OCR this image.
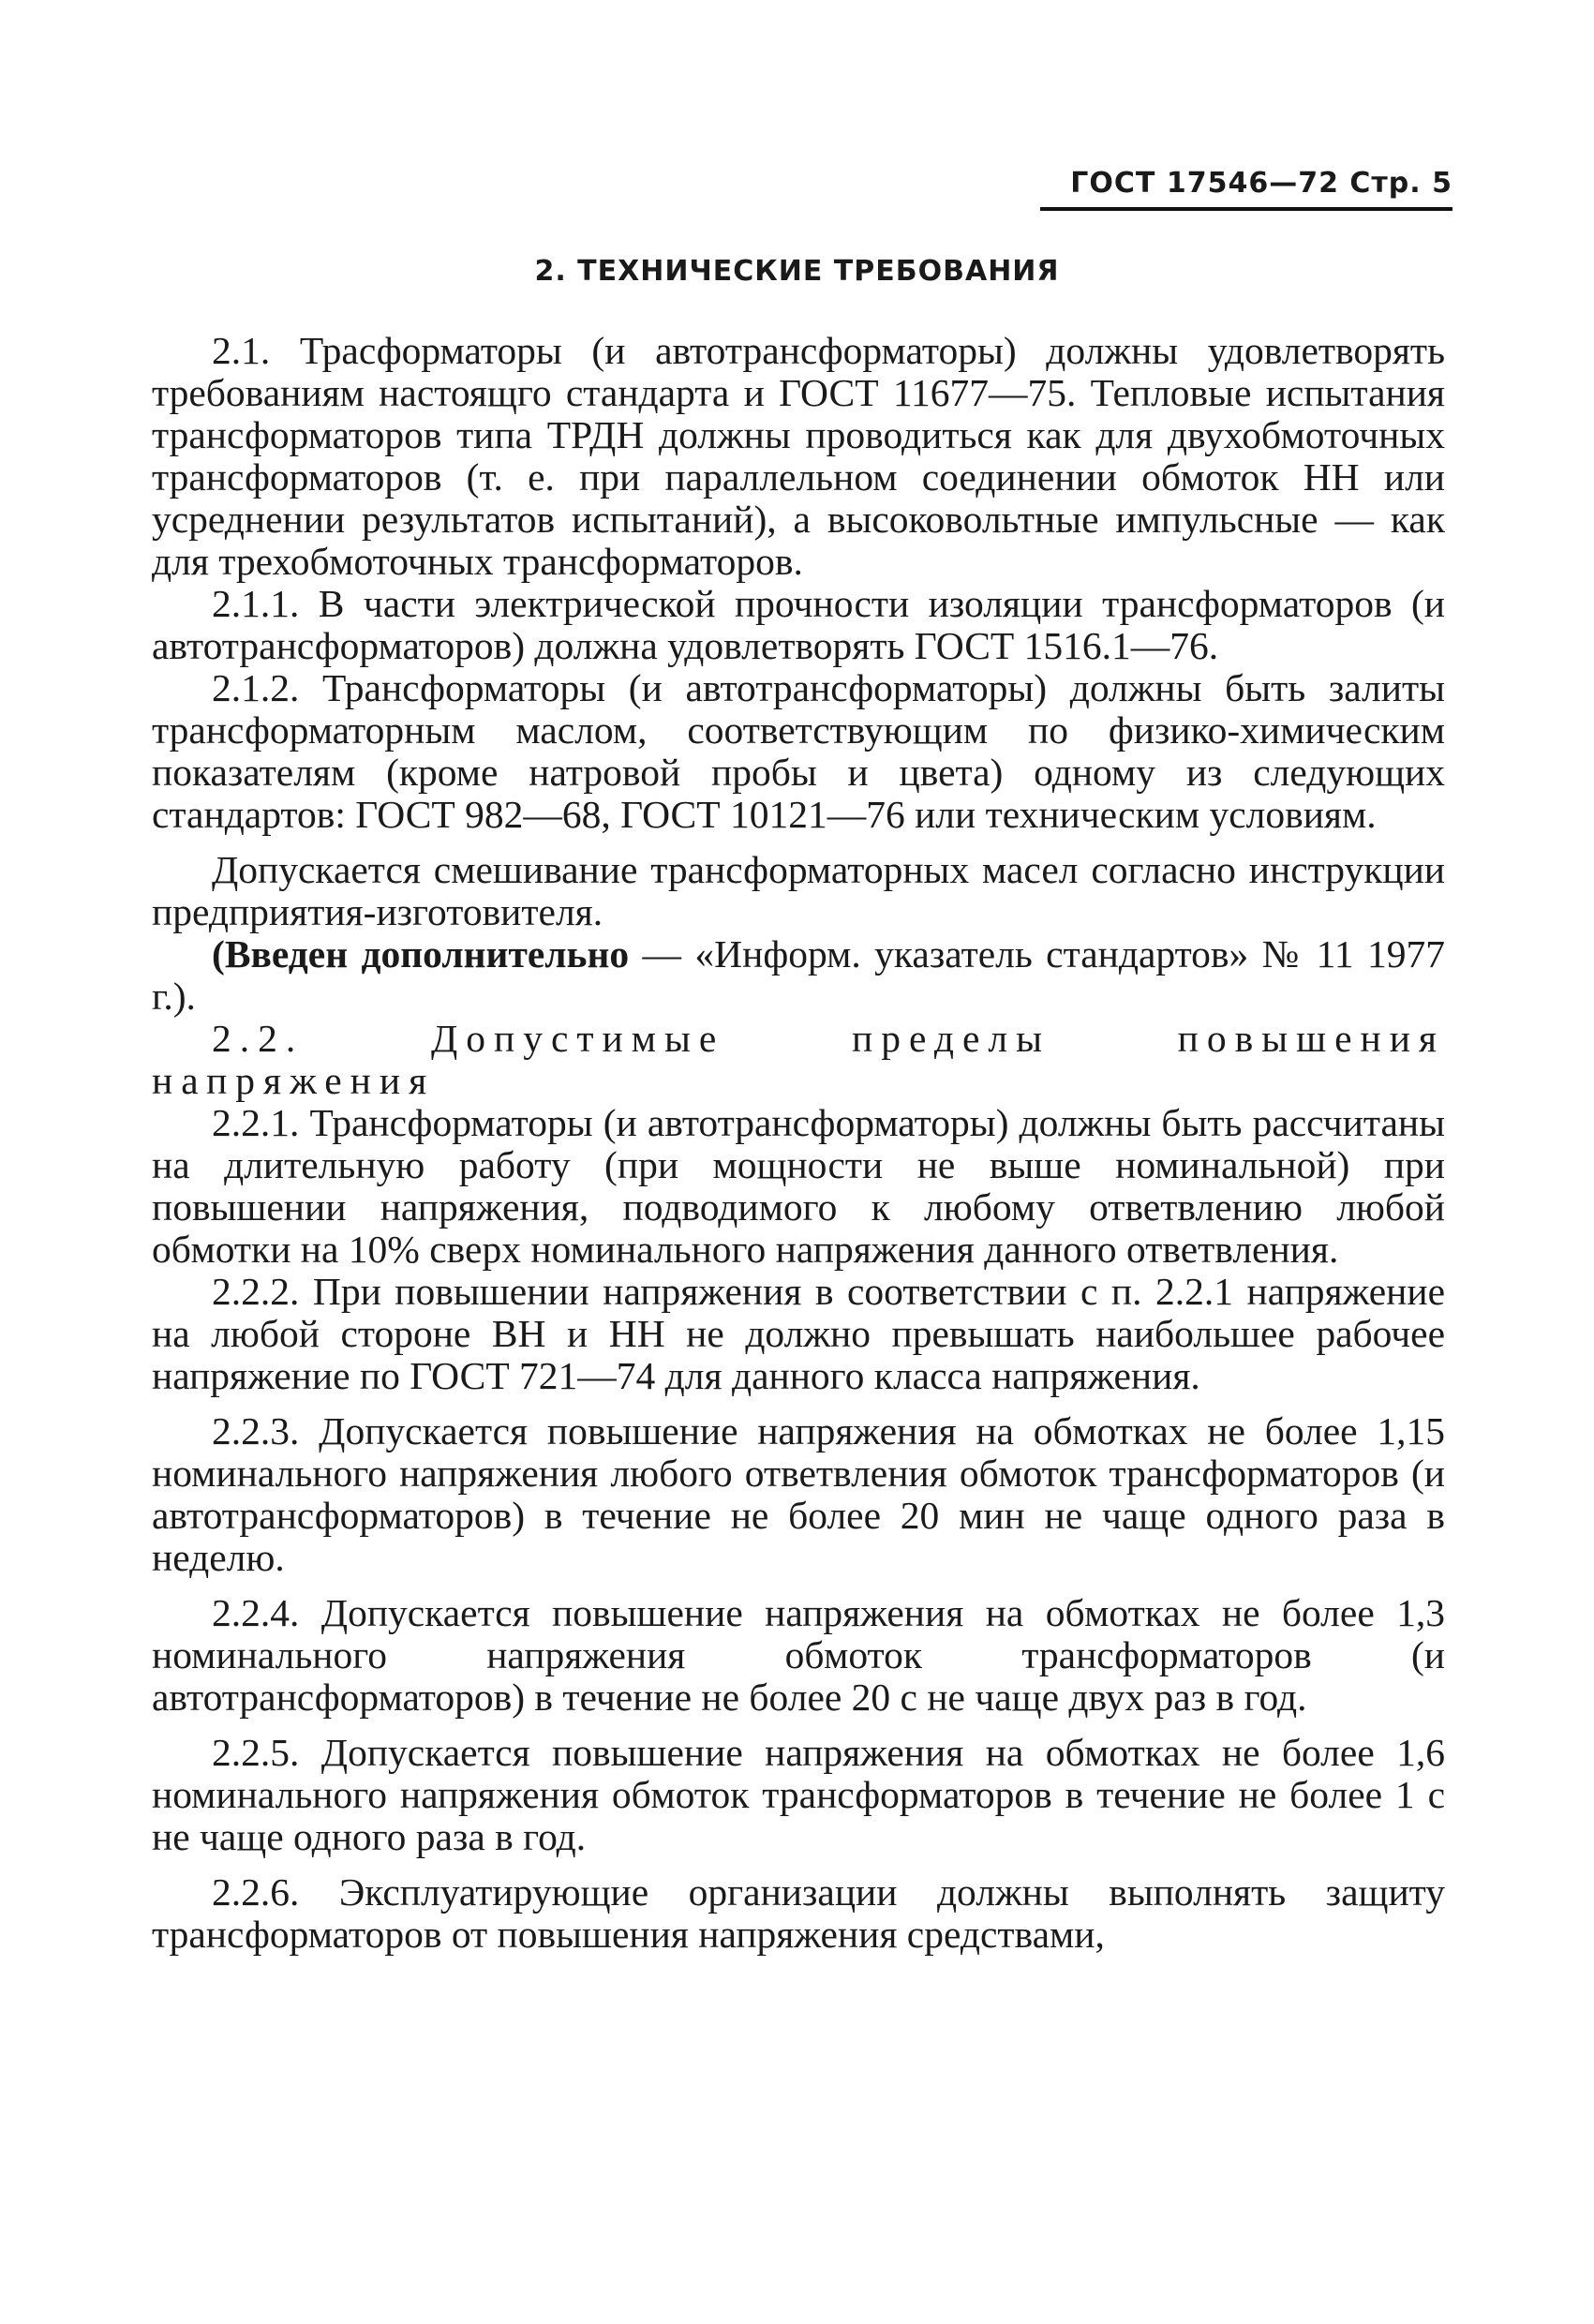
ГОСТ 17546—72 Стр. 5
2. ТЕХНИЧЕСКИЕ ТРЕБОВАНИЯ

2.1. Трасформаторы (и автотрансформаторы) должны удовлетворять требованиям настоящго стандарта и ГОСТ 11677—75. Тепловые испытания трансформаторов типа ТРДН должны проводиться как для двухобмоточных трансформаторов (т. е. при параллельном соединении обмоток НН или усреднении результатов испытаний), а высоковольтные импульсные — как для трехобмоточных трансформаторов.

2.1.1. В части электрической прочности изоляции трансформаторов (и автотрансформаторов) должна удовлетворять ГОСТ 1516.1—76.

2.1.2. Трансформаторы (и автотрансформаторы) должны быть залиты трансформаторным маслом, соответствующим по физико-химическим показателям (кроме натровой пробы и цвета) одному из следующих стандартов: ГОСТ 982—68, ГОСТ 10121—76 или техническим условиям.

Допускается смешивание трансформаторных масел согласно инструкции предприятия-изготовителя.

(Введен дополнительно — «Информ. указатель стандартов» № 11 1977 г.).

2.2. Допустимые пределы повышения напряжения

2.2.1. Трансформаторы (и автотрансформаторы) должны быть рассчитаны на длительную работу (при мощности не выше номинальной) при повышении напряжения, подводимого к любому ответвлению любой обмотки на 10% сверх номинального напряжения данного ответвления.

2.2.2. При повышении напряжения в соответствии с п. 2.2.1 напряжение на любой стороне ВН и НН не должно превышать наибольшее рабочее напряжение по ГОСТ 721—74 для данного класса напряжения.

2.2.3. Допускается повышение напряжения на обмотках не более 1,15 номинального напряжения любого ответвления обмоток трансформаторов (и автотрансформаторов) в течение не более 20 мин не чаще одного раза в неделю.

2.2.4. Допускается повышение напряжения на обмотках не более 1,3 номинального напряжения обмоток трансформаторов (и автотрансформаторов) в течение не более 20 с не чаще двух раз в год.

2.2.5. Допускается повышение напряжения на обмотках не более 1,6 номинального напряжения обмоток трансформаторов в течение не более 1 с не чаще одного раза в год.

2.2.6. Эксплуатирующие организации должны выполнять защиту трансформаторов от повышения напряжения средствами,
